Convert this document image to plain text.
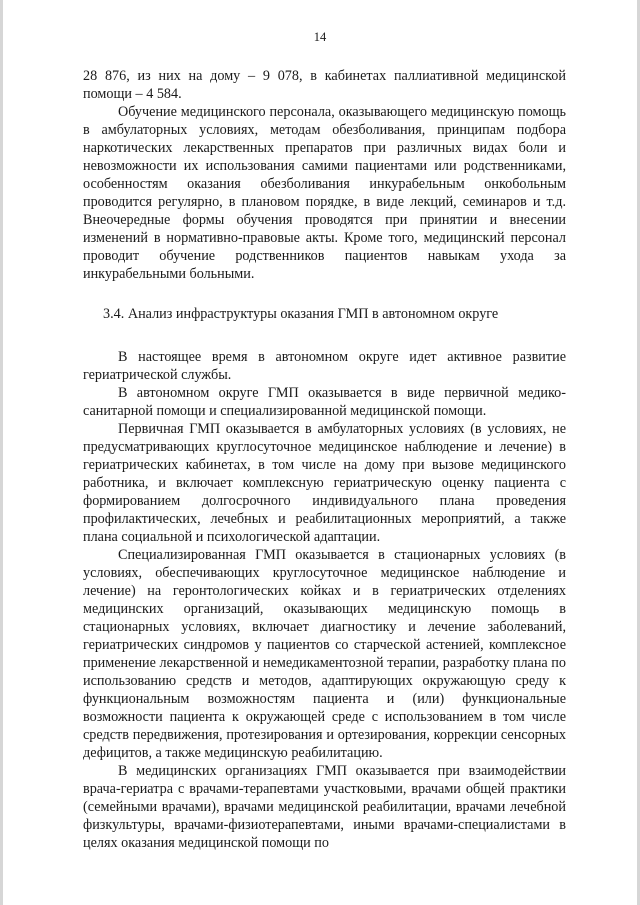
14

28 876, из них на дому – 9 078, в кабинетах паллиативной медицинской помощи – 4 584.

Обучение медицинского персонала, оказывающего медицинскую помощь в амбулаторных условиях, методам обезболивания, принципам подбора наркотических лекарственных препаратов при различных видах боли и невозможности их использования самими пациентами или родственниками, особенностям оказания обезболивания инкурабельным онкобольным проводится регулярно, в плановом порядке, в виде лекций, семинаров и т.д. Внеочередные формы обучения проводятся при принятии и внесении изменений в нормативно-правовые акты. Кроме того, медицинский персонал проводит обучение родственников пациентов навыкам ухода за инкурабельными больными.

3.4. Анализ инфраструктуры оказания ГМП в автономном округе

В настоящее время в автономном округе идет активное развитие гериатрической службы.

В автономном округе ГМП оказывается в виде первичной медико-санитарной помощи и специализированной медицинской помощи.

Первичная ГМП оказывается в амбулаторных условиях (в условиях, не предусматривающих круглосуточное медицинское наблюдение и лечение) в гериатрических кабинетах, в том числе на дому при вызове медицинского работника, и включает комплексную гериатрическую оценку пациента с формированием долгосрочного индивидуального плана проведения профилактических, лечебных и реабилитационных мероприятий, а также плана социальной и психологической адаптации.

Специализированная ГМП оказывается в стационарных условиях (в условиях, обеспечивающих круглосуточное медицинское наблюдение и лечение) на геронтологических койках и в гериатрических отделениях медицинских организаций, оказывающих медицинскую помощь в стационарных условиях, включает диагностику и лечение заболеваний, гериатрических синдромов у пациентов со старческой астенией, комплексное применение лекарственной и немедикаментозной терапии, разработку плана по использованию средств и методов, адаптирующих окружающую среду к функциональным возможностям пациента и (или) функциональные возможности пациента к окружающей среде с использованием в том числе средств передвижения, протезирования и ортезирования, коррекции сенсорных дефицитов, а также медицинскую реабилитацию.

В медицинских организациях ГМП оказывается при взаимодействии врача-гериатра с врачами-терапевтами участковыми, врачами общей практики (семейными врачами), врачами медицинской реабилитации, врачами лечебной физкультуры, врачами-физиотерапевтами, иными врачами-специалистами в целях оказания медицинской помощи по
